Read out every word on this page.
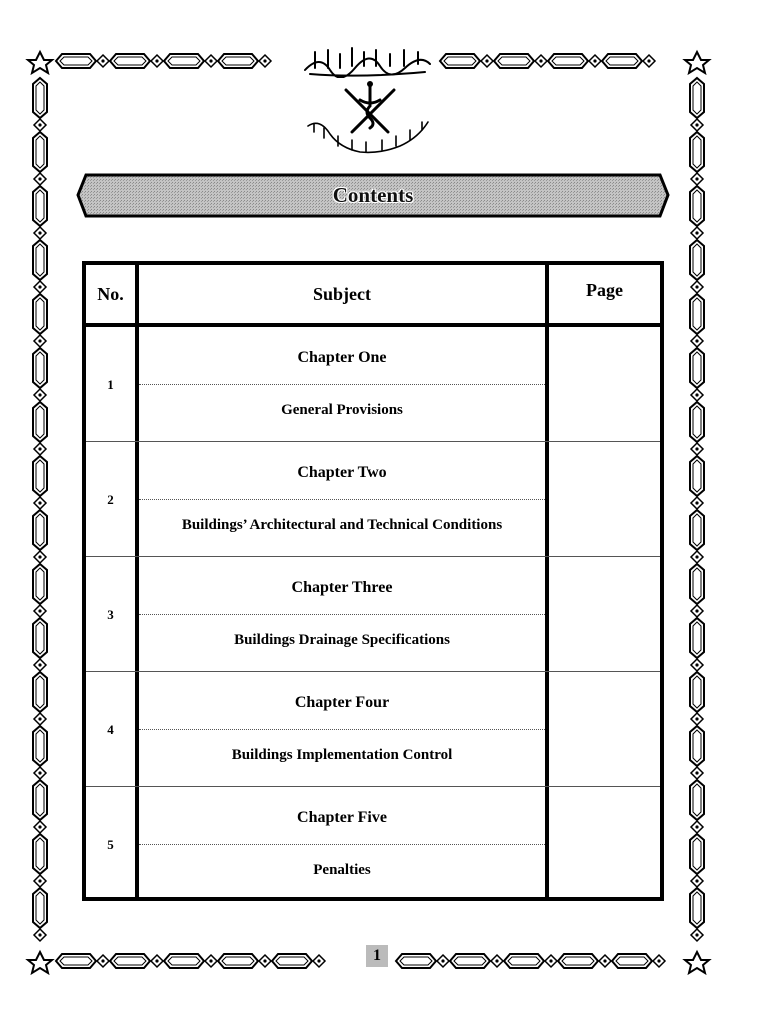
Contents
No.	Subject	Page
1
Chapter One
General Provisions
2
Chapter Two
Buildings’ Architectural and Technical Conditions
3
Chapter Three
Buildings Drainage Specifications
4
Chapter Four
Buildings Implementation Control
5
Chapter Five
Penalties
1
